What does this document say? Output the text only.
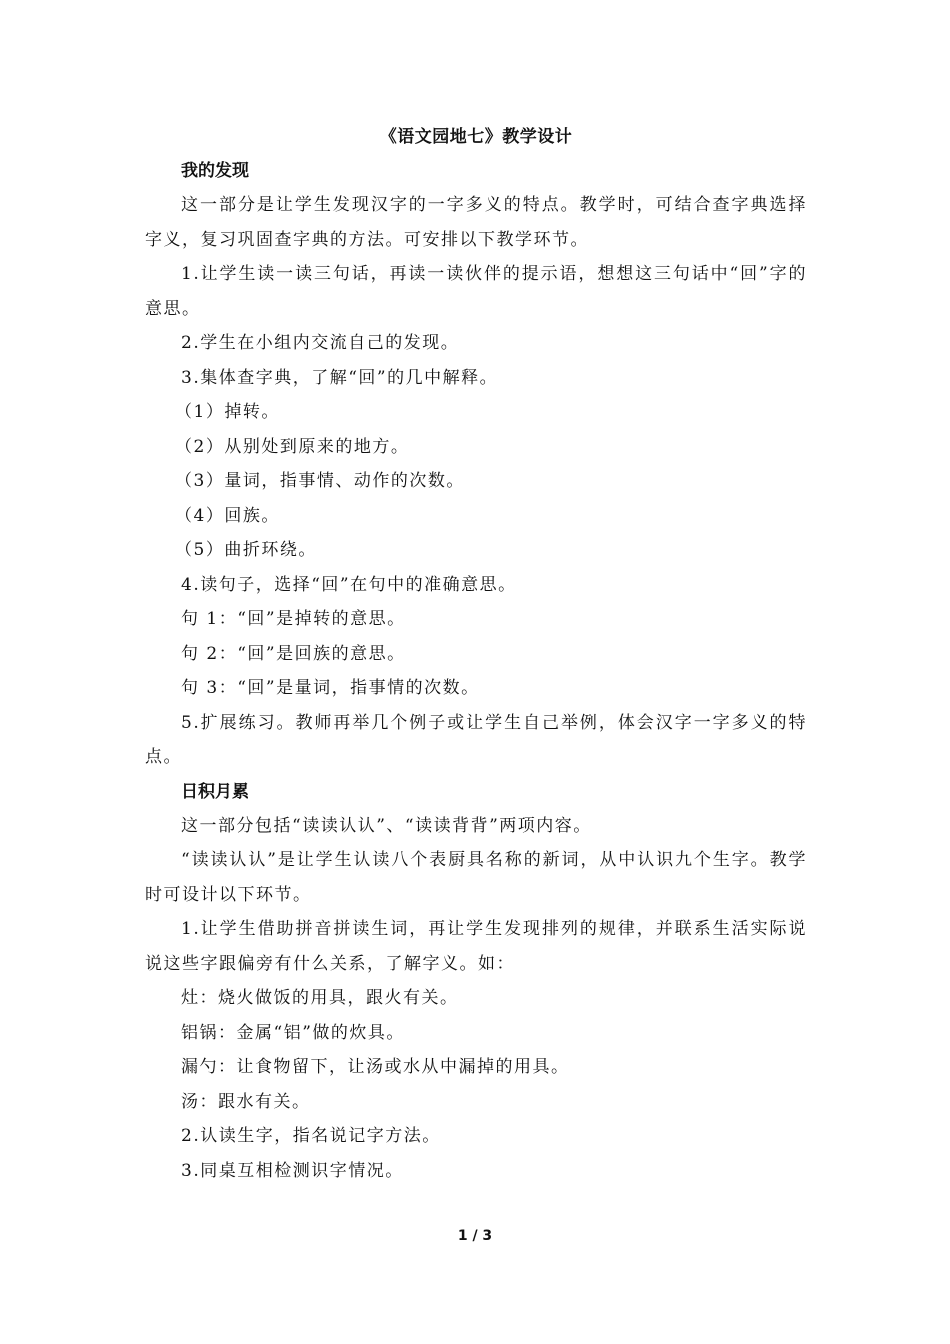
《语文园地七》教学设计
我的发现

这一部分是让学生发现汉字的一字多义的特点。教学时，可结合查字典选择字义，复习巩固查字典的方法。可安排以下教学环节。

1.让学生读一读三句话，再读一读伙伴的提示语，想想这三句话中“回”字的意思。

2.学生在小组内交流自己的发现。

3.集体查字典，了解“回”的几中解释。

（1）掉转。

（2）从别处到原来的地方。

（3）量词，指事情、动作的次数。

（4）回族。

（5）曲折环绕。

4.读句子，选择“回”在句中的准确意思。

句 1：“回”是掉转的意思。

句 2：“回”是回族的意思。

句 3：“回”是量词，指事情的次数。

5.扩展练习。教师再举几个例子或让学生自己举例，体会汉字一字多义的特点。

日积月累

这一部分包括“读读认认”、“读读背背”两项内容。

“读读认认”是让学生认读八个表厨具名称的新词，从中认识九个生字。教学时可设计以下环节。

1.让学生借助拼音拼读生词，再让学生发现排列的规律，并联系生活实际说说这些字跟偏旁有什么关系，了解字义。如：

灶：烧火做饭的用具，跟火有关。

铝锅：金属“铝”做的炊具。

漏勺：让食物留下，让汤或水从中漏掉的用具。

汤：跟水有关。

2.认读生字，指名说记字方法。

3.同桌互相检测识字情况。

1 / 3
